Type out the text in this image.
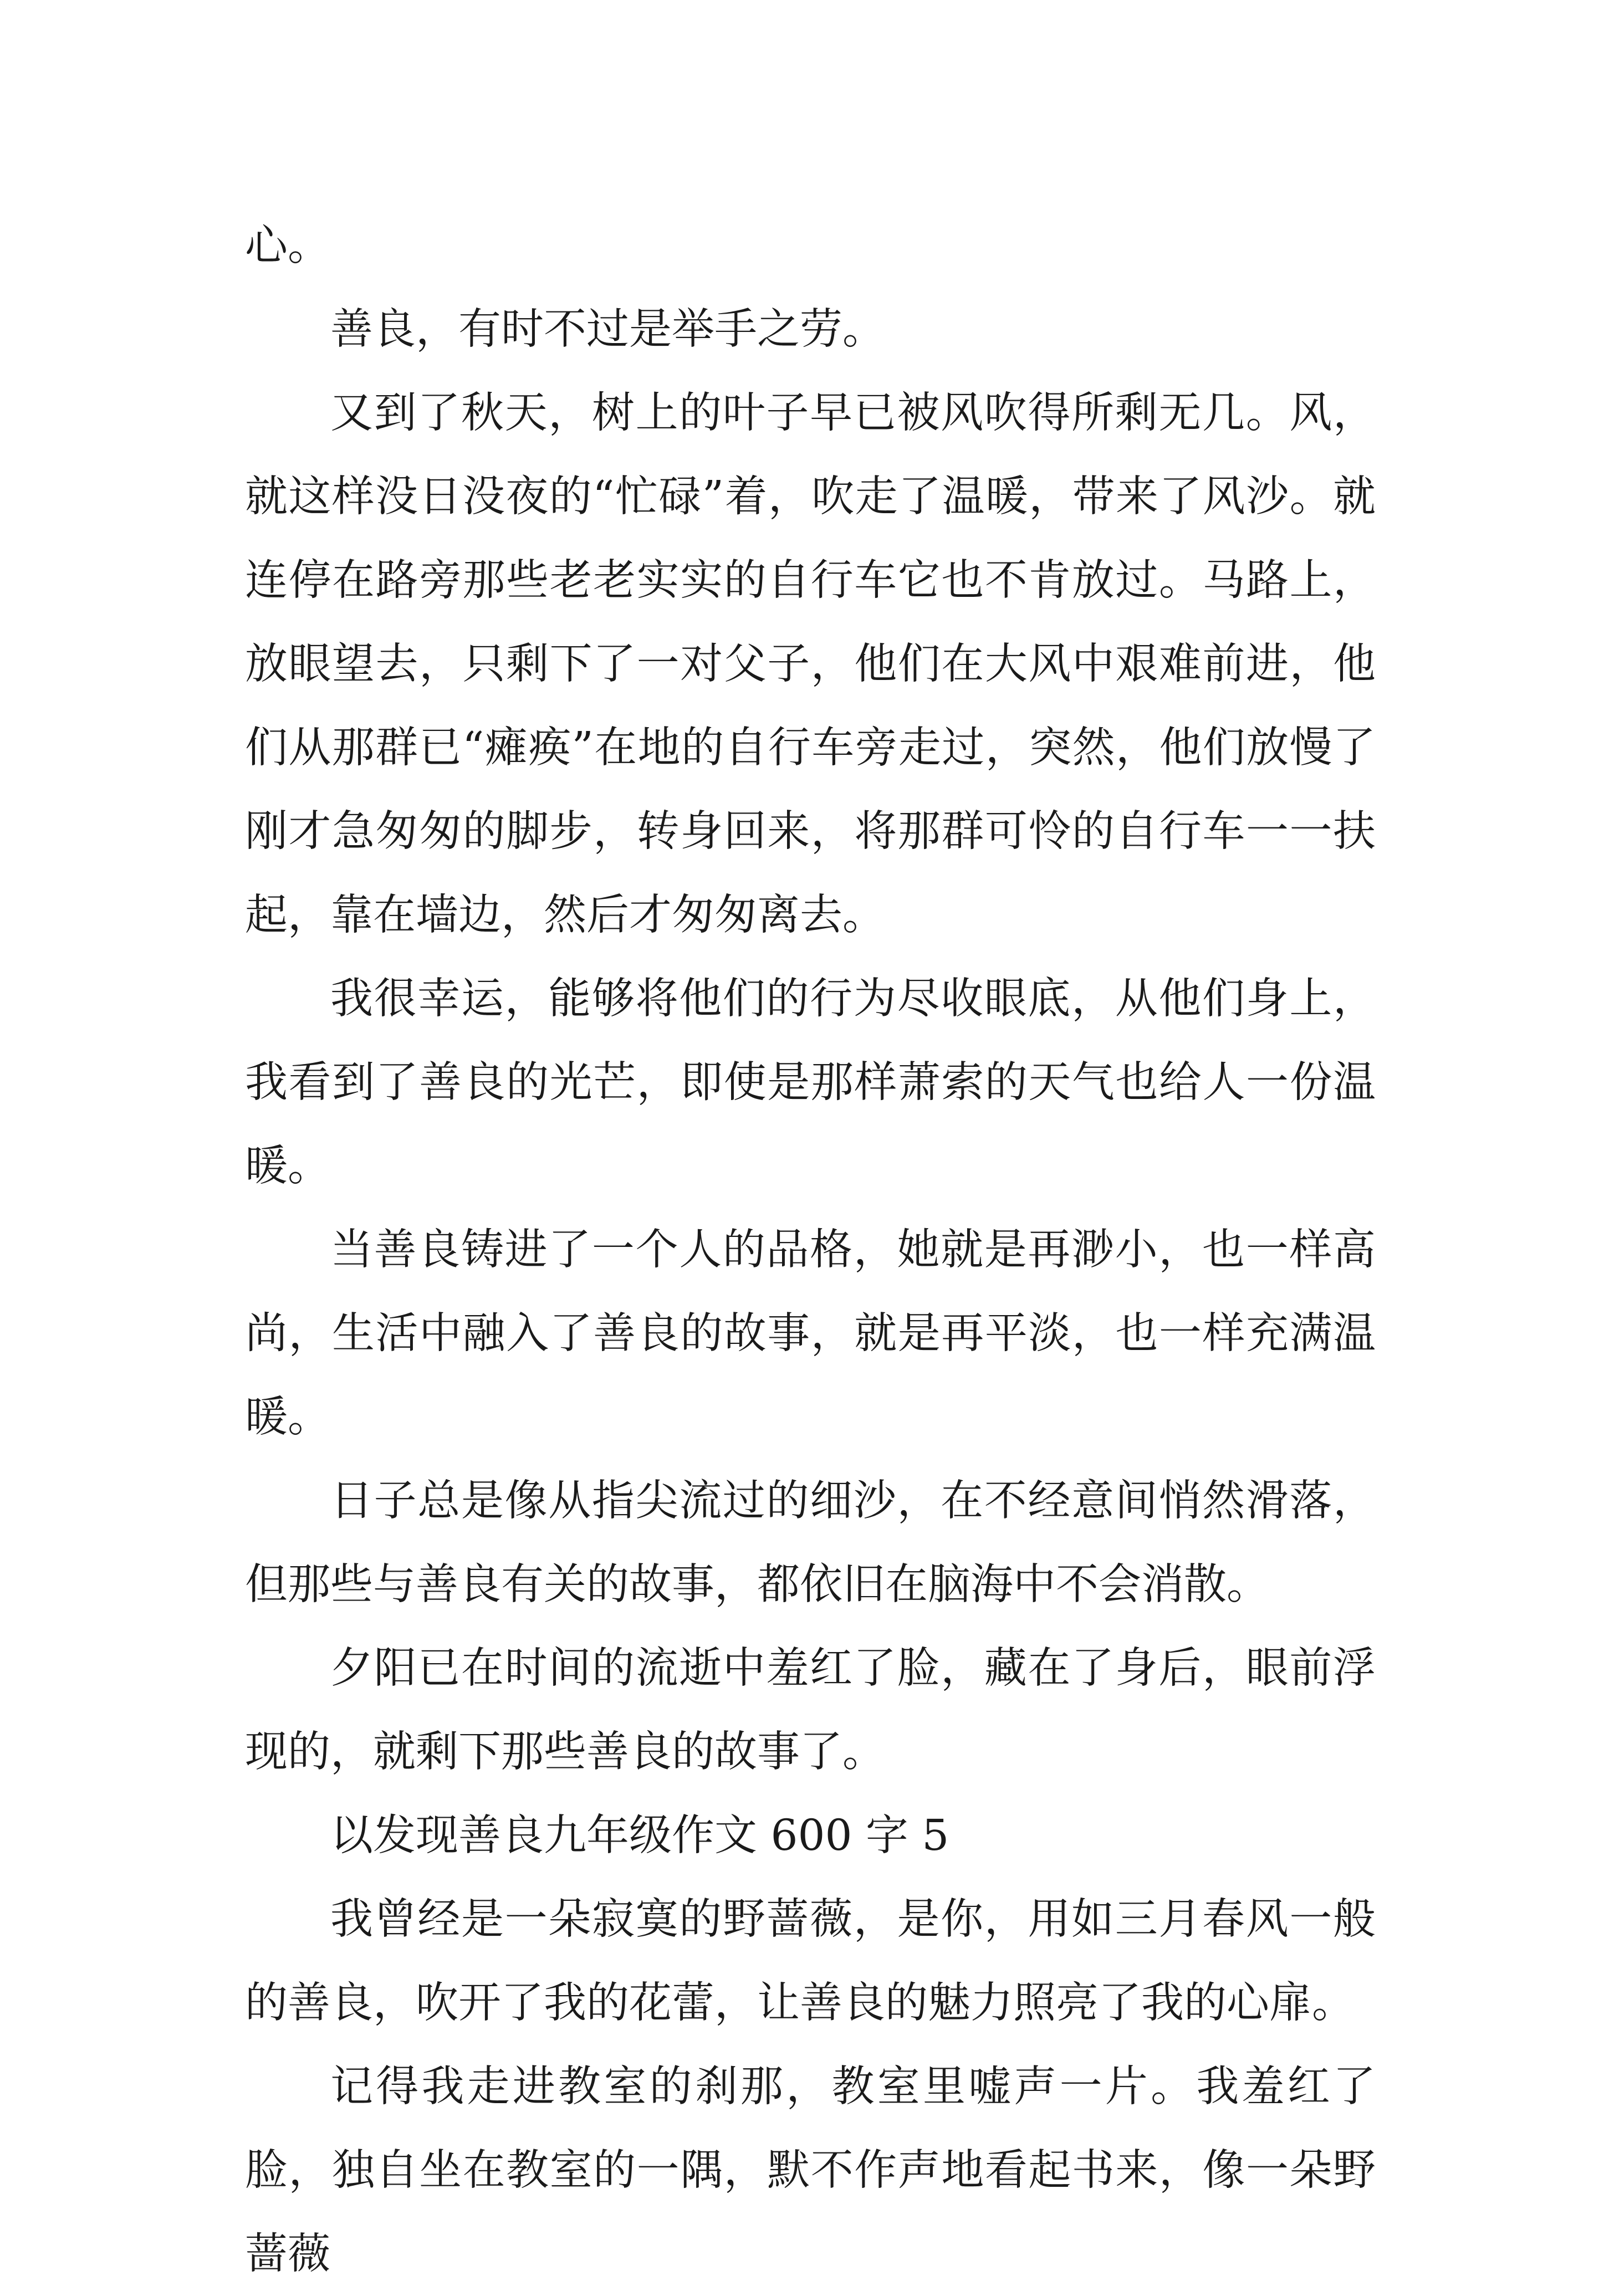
心。

善良，有时不过是举手之劳。

又到了秋天，树上的叶子早已被风吹得所剩无几。风，就这样没日没夜的“忙碌”着，吹走了温暖，带来了风沙。就连停在路旁那些老老实实的自行车它也不肯放过。马路上，放眼望去，只剩下了一对父子，他们在大风中艰难前进，他们从那群已“瘫痪”在地的自行车旁走过，突然，他们放慢了刚才急匆匆的脚步，转身回来，将那群可怜的自行车一一扶起，靠在墙边，然后才匆匆离去。

我很幸运，能够将他们的行为尽收眼底，从他们身上，我看到了善良的光芒，即使是那样萧索的天气也给人一份温暖。

当善良铸进了一个人的品格，她就是再渺小，也一样高尚，生活中融入了善良的故事，就是再平淡，也一样充满温暖。

日子总是像从指尖流过的细沙，在不经意间悄然滑落，但那些与善良有关的故事，都依旧在脑海中不会消散。

夕阳已在时间的流逝中羞红了脸，藏在了身后，眼前浮现的，就剩下那些善良的故事了。

以发现善良九年级作文 600 字 5

我曾经是一朵寂寞的野蔷薇，是你，用如三月春风一般的善良，吹开了我的花蕾，让善良的魅力照亮了我的心扉。

记得我走进教室的刹那，教室里嘘声一片。我羞红了脸，独自坐在教室的一隅，默不作声地看起书来，像一朵野蔷薇
